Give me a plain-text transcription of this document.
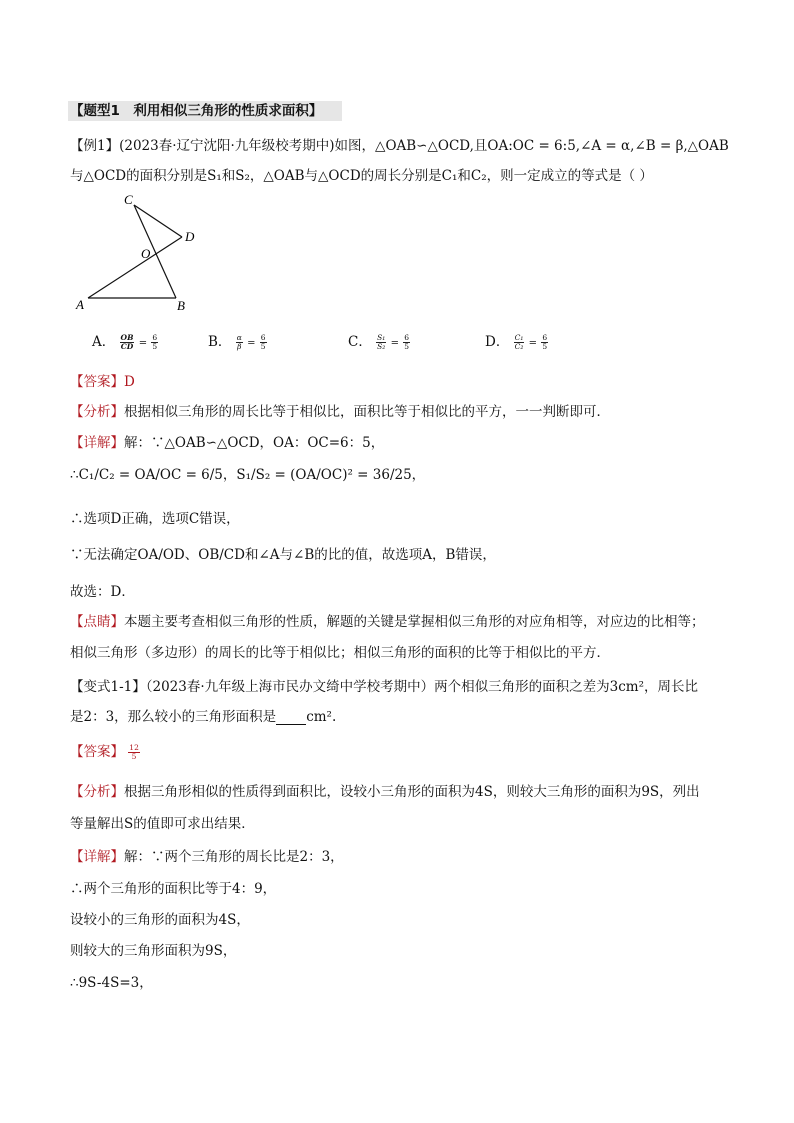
【题型1　利用相似三角形的性质求面积】
【例1】(2023春·辽宁沈阳·九年级校考期中)如图，△OAB∽△OCD,且OA:OC = 6:5,∠A = α,∠B = β,△OAB
与△OCD的面积分别是S₁和S₂，△OAB与△OCD的周长分别是C₁和C₂，则一定成立的等式是（ ）
C
D
O
A	B
A． $\frac{OB}{CD} = \frac{6}{5}$	B． $\frac{\alpha}{\beta} = \frac{6}{5}$	C． $\frac{\text{S₁}}{\text{S₂}} = \frac{6}{5}$	D． $\frac{\text{C₁}}{\text{C₂}} = \frac{6}{5}$
【答案】D
【分析】根据相似三角形的周长比等于相似比，面积比等于相似比的平方，一一判断即可．
【详解】解：∵△OAB∽△OCD，OA：OC=6：5，
∴C₁/C₂ = OA/OC = 6/5，S₁/S₂ = (OA/OC)² = 36/25，
∴选项D正确，选项C错误，
∵无法确定OA/OD、OB/CD和∠A与∠B的比的值，故选项A，B错误，
故选：D．
【点睛】本题主要考查相似三角形的性质，解题的关键是掌握相似三角形的对应角相等，对应边的比相等；
相似三角形（多边形）的周长的比等于相似比；相似三角形的面积的比等于相似比的平方．
【变式1-1】（2023春·九年级上海市民办文绮中学校考期中）两个相似三角形的面积之差为3cm²，周长比
是2：3，那么较小的三角形面积是 cm².
【答案】 $\frac{12}{5}$
【分析】根据三角形相似的性质得到面积比，设较小三角形的面积为4S，则较大三角形的面积为9S，列出
等量解出S的值即可求出结果．
【详解】解：∵两个三角形的周长比是2：3，
∴两个三角形的面积比等于4：9，
设较小的三角形的面积为4S，
则较大的三角形面积为9S，
∴9S-4S=3，
